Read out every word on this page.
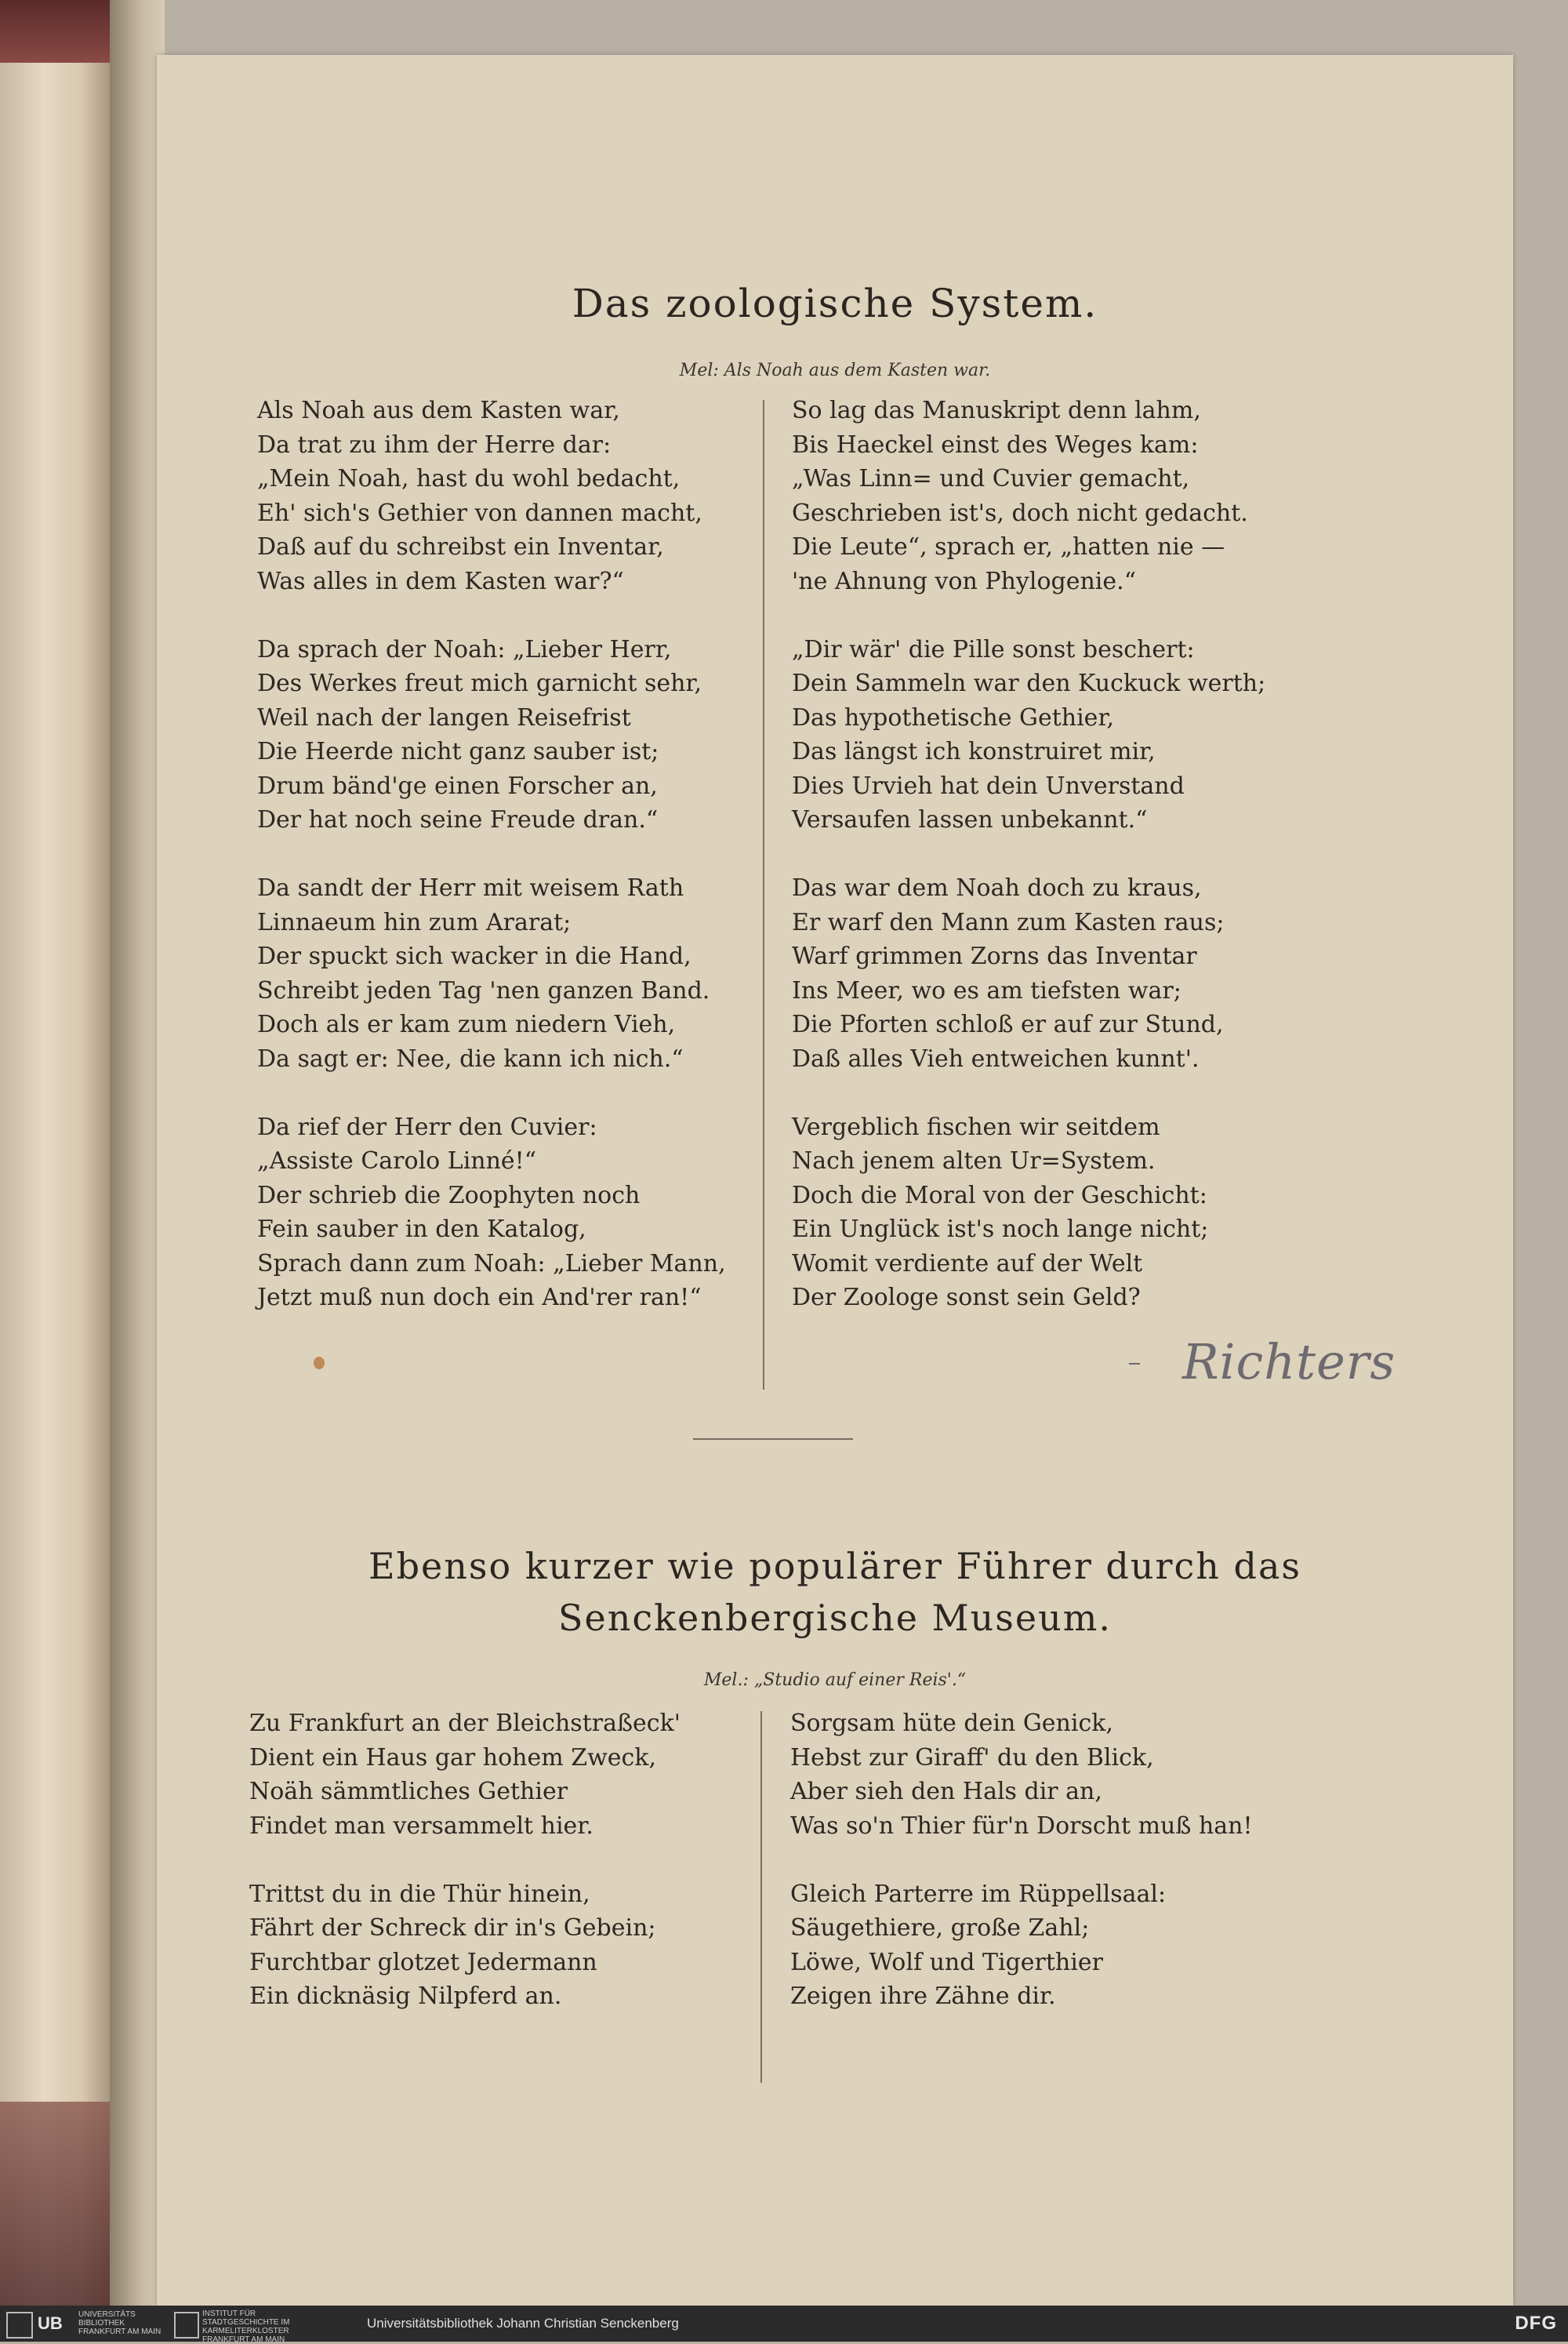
Das zoologische System.
Mel: Als Noah aus dem Kasten war.
Als Noah aus dem Kasten war,
Da trat zu ihm der Herre dar:
„Mein Noah, hast du wohl bedacht,
Eh' sich's Gethier von dannen macht,
Daß auf du schreibst ein Inventar,
Was alles in dem Kasten war?“
Da sprach der Noah: „Lieber Herr,
Des Werkes freut mich garnicht sehr,
Weil nach der langen Reisefrist
Die Heerde nicht ganz sauber ist;
Drum bänd'ge einen Forscher an,
Der hat noch seine Freude dran.“
Da sandt der Herr mit weisem Rath
Linnaeum hin zum Ararat;
Der spuckt sich wacker in die Hand,
Schreibt jeden Tag 'nen ganzen Band.
Doch als er kam zum niedern Vieh,
Da sagt er: Nee, die kann ich nich.“
Da rief der Herr den Cuvier:
„Assiste Carolo Linné!“
Der schrieb die Zoophyten noch
Fein sauber in den Katalog,
Sprach dann zum Noah: „Lieber Mann,
Jetzt muß nun doch ein And'rer ran!“
So lag das Manuskript denn lahm,
Bis Haeckel einst des Weges kam:
„Was Linn= und Cuvier gemacht,
Geschrieben ist's, doch nicht gedacht.
Die Leute“, sprach er, „hatten nie —
'ne Ahnung von Phylogenie.“
„Dir wär' die Pille sonst beschert:
Dein Sammeln war den Kuckuck werth;
Das hypothetische Gethier,
Das längst ich konstruiret mir,
Dies Urvieh hat dein Unverstand
Versaufen lassen unbekannt.“
Das war dem Noah doch zu kraus,
Er warf den Mann zum Kasten raus;
Warf grimmen Zorns das Inventar
Ins Meer, wo es am tiefsten war;
Die Pforten schloß er auf zur Stund,
Daß alles Vieh entweichen kunnt'.
Vergeblich fischen wir seitdem
Nach jenem alten Ur=System.
Doch die Moral von der Geschicht:
Ein Unglück ist's noch lange nicht;
Womit verdiente auf der Welt
Der Zoologe sonst sein Geld?
Richters
Ebenso kurzer wie populärer Führer durch das
Senckenbergische Museum.
Mel.: „Studio auf einer Reis'.“
Zu Frankfurt an der Bleichstraßeck'
Dient ein Haus gar hohem Zweck,
Noäh sämmtliches Gethier
Findet man versammelt hier.
Trittst du in die Thür hinein,
Fährt der Schreck dir in's Gebein;
Furchtbar glotzet Jedermann
Ein dicknäsig Nilpferd an.
Sorgsam hüte dein Genick,
Hebst zur Giraff' du den Blick,
Aber sieh den Hals dir an,
Was so'n Thier für'n Dorscht muß han!
Gleich Parterre im Rüppellsaal:
Säugethiere, große Zahl;
Löwe, Wolf und Tigerthier
Zeigen ihre Zähne dir.
UB UNIVERSITÄTS BIBLIOTHEK FRANKFURT AM MAIN
INSTITUT FÜR STADTGESCHICHTE IM KARMELITERKLOSTER FRANKFURT AM MAIN
Universitätsbibliothek Johann Christian Senckenberg	DFG
